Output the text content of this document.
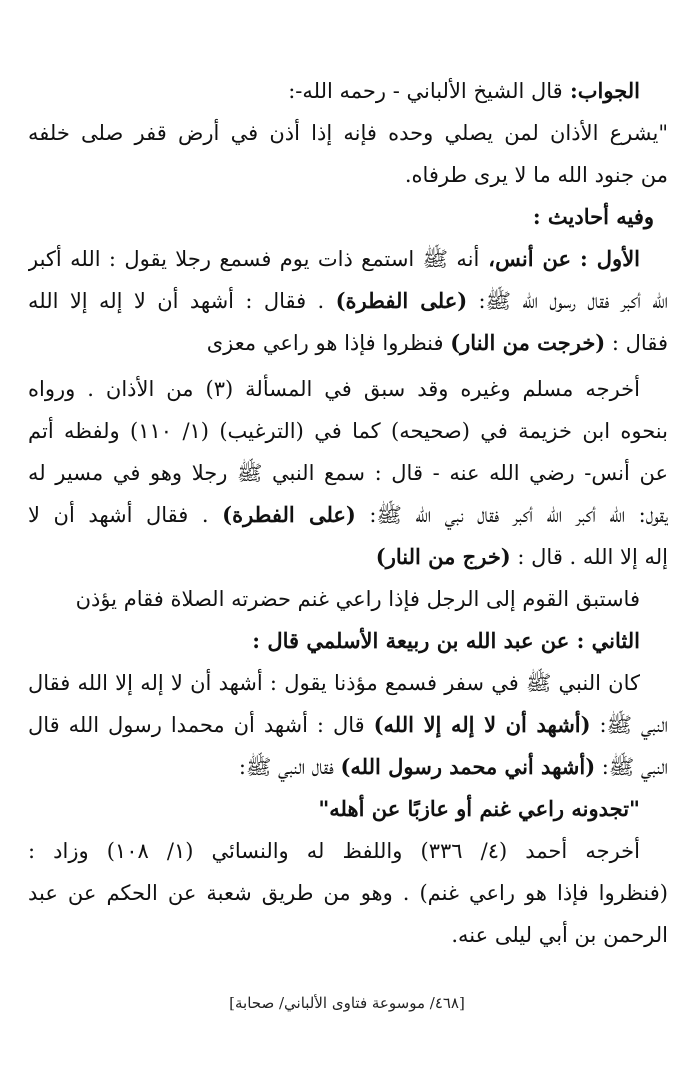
الجواب: قال الشيخ الألباني - رحمه الله-:
"يشرع الأذان لمن يصلي وحده فإنه إذا أذن في أرض قفر صلى خلفه
من جنود الله ما لا يرى طرفاه.
وفيه أحاديث :
الأول : عن أنس، أنه ﷺ استمع ذات يوم فسمع رجلا يقول : الله أكبر
الله أكبر فقال رسول الله ﷺ: (على الفطرة) . فقال : أشهد أن لا إله إلا الله
فقال : (خرجت من النار) فنظروا فإذا هو راعي معزى
أخرجه مسلم وغيره وقد سبق في المسألة (٣) من الأذان . ورواه
بنحوه ابن خزيمة في (صحيحه) كما في (الترغيب) (١/ ١١٠) ولفظه أتم
عن أنس- رضي الله عنه - قال : سمع النبي ﷺ رجلا وهو في مسير له
يقول: الله أكبر الله أكبر فقال نبي الله ﷺ: (على الفطرة) . فقال أشهد أن لا
إله إلا الله . قال : (خرج من النار)
فاستبق القوم إلى الرجل فإذا راعي غنم حضرته الصلاة فقام يؤذن
الثاني : عن عبد الله بن ربيعة الأسلمي قال :
كان النبي ﷺ في سفر فسمع مؤذنا يقول : أشهد أن لا إله إلا الله فقال
النبي ﷺ: (أشهد أن لا إله إلا الله) قال : أشهد أن محمدا رسول الله قال
النبي ﷺ: (أشهد أني محمد رسول الله) فقال النبي ﷺ:
"تجدونه راعي غنم أو عازبًا عن أهله"
أخرجه أحمد (٤/ ٣٣٦) واللفظ له والنسائي (١/ ١٠٨) وزاد :
(فنظروا فإذا هو راعي غنم) . وهو من طريق شعبة عن الحكم عن عبد
الرحمن بن أبي ليلى عنه.
[٤٦٨/ موسوعة فتاوى الألباني/ صحابة]
